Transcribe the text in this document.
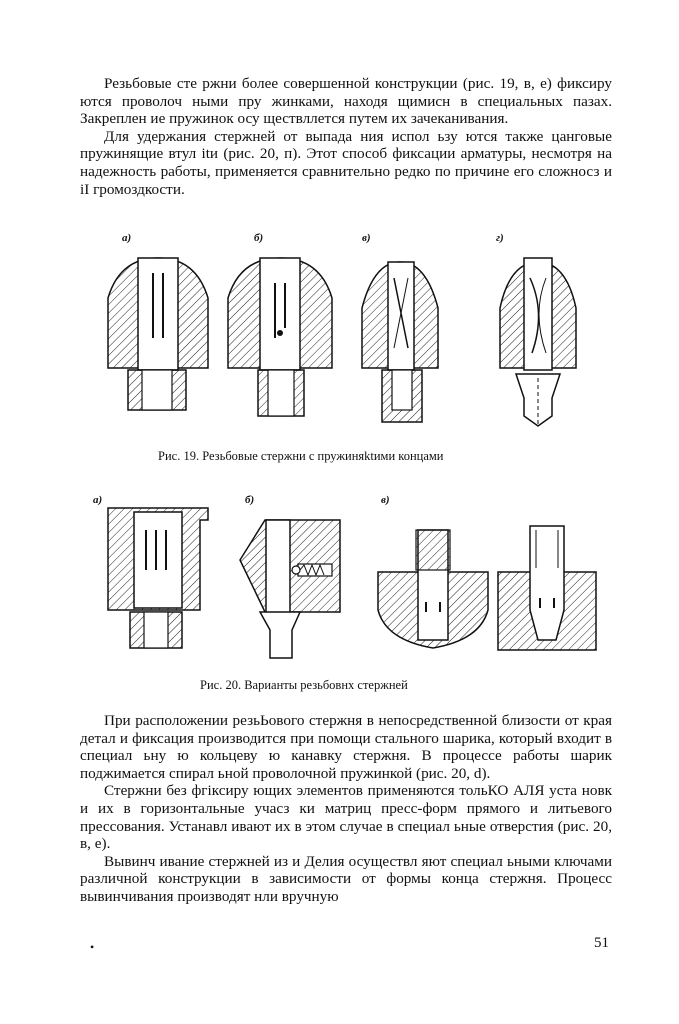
Резьбовые сте ржни более совершенной конструкции (рис. 19, в, е) фиксиру ются проволоч ными пру жинками, находя щимисн в специальных пазах. Закреплен ие пружинок осу ществллется путем их зачеканивания.

Для удержания стержней от выпада ния испол ьзу ются также цанговые пружинящие втул itи (рис. 20, п). Этот способ фиксации арматуры, несмотря на надежность работы, применяется сравнительно редко по причине его сложносз и iI громоздкости.

а)	б)	в)	г)
Рис. 19. Резьбовые стержни с пружиняktими концами
а)	б)	в)
Рис. 20. Варианты резьбовнх стержней

При расположении резьЬового стержня в непосредственной близости от края детал и фиксация производится при помощи стального шарика, который входит в специал ьну ю кольцеву ю канавку стержня. В процессе работы шарик поджимается спирал ьной проволочной пружинкой (рис. 20, d).

Стержни без фгiксиру ющих элементов применяются тольКО АЛЯ уста новк и их в горизонтальные учасз ки матриц пресс-форм прямого и литьевого прессования. Устанавл ивают их в этом случае в специал ьные отверстия (рис. 20, в, е).

Вывинч ивание стержней из и Делия осуществл яют специал ьными ключами различной конструкции в зависимости от формы конца стержня. Процесс вывинчивания производят нли вручную

•	51
